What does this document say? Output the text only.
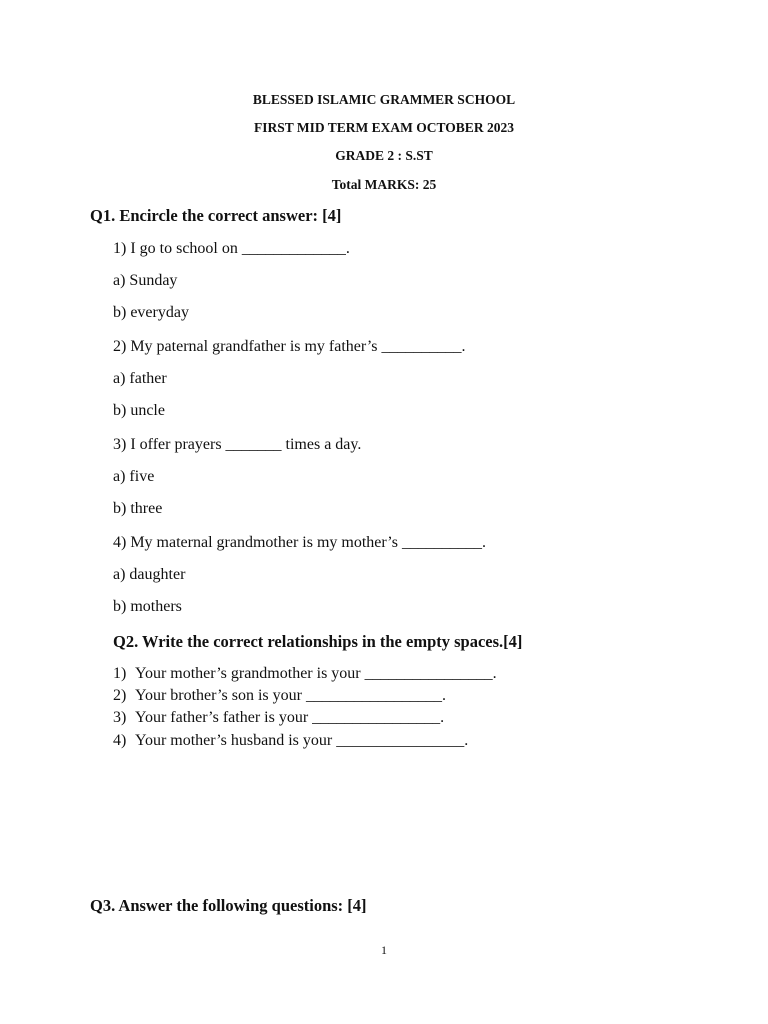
BLESSED ISLAMIC GRAMMER SCHOOL
FIRST MID TERM EXAM OCTOBER 2023
GRADE 2 : S.ST
Total MARKS: 25
Q1. Encircle the correct answer: [4]
1) I go to school on _____________.
a) Sunday
b) everyday
2) My paternal grandfather is my father’s __________.
a) father
b) uncle
3) I offer prayers _______ times a day.
a) five
b) three
4) My maternal grandmother is my mother’s __________.
a) daughter
b) mothers
Q2. Write the correct relationships in the empty spaces.[4]
1) Your mother’s grandmother is your ________________.
2) Your brother’s son is your _________________.
3) Your father’s father is your ________________.
4) Your mother’s husband is your ________________.
Q3. Answer the following questions: [4]
1
